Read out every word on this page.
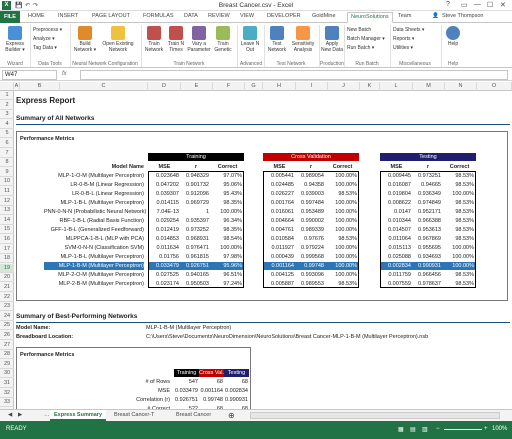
X	💾 ↶ ↷	Breast Cancer.csv - Excel	? ▭ — ☐ ✕
FILE	HOME INSERT	PAGE LAYOUT FORMULAS DATA REVIEW VIEW DEVELOPER GoldMine	NeuroSolutions	Team	👤 Steve Thompson
Express Builder ▾
Wizard
Preprocess ▾
Analyze ▾
Tag Data ▾
Data Tools
Build Network ▾
Open Existing Network
Neural Network Configuration
Train Network
Train N Times
Vary a Parameter
Train Genetic
Train Network
Leave N Out
Advanced
Test Network
Sensitivity Analysis
Test Network
Apply New Data
Production
New Batch
Batch Manager ▾
Run Batch ▾
Run Batch
Data Sheets ▾
Reports ▾
Utilities ▾
Miscellaneous
Help
Help
W47	fx
A	B	C	D	E	F	G	H	I	J	K	L	M	N	O
1
2
3
4
5
6
7
8
9
10
11
12
13
14
15
16
17
18
19
20
21
22
23
24
25
26
27
28
29
30
31
32
33
Express Report
Summary of All Networks
Performance Metrics
Training	Cross Validation	Testing
Model Name	MSE	r	Correct	MSE	r	Correct	MSE	r	Correct
MLP-1-O-M (Multilayer Perceptron)	0.023648	0.948329	97.07%	0.005441	0.989054	100.00%	0.009445	0.973251	98.53%
LR-0-B-M (Linear Regression)	0.047202	0.901732	95.06%	0.024485	0.94358	100.00%	0.016087	0.94665	98.53%
LR-0-B-L (Linear Regression)	0.039307	0.912096	95.43%	0.026227	0.939003	98.53%	0.019804	0.936349	100.00%
MLP-1-B-L (Multilayer Perceptron)	0.014115	0.969729	98.35%	0.001764	0.997484	100.00%	0.008622	0.974849	98.53%
PNN-0-N-N (Probabilistic Neural Network)	7.04E-13	1	100.00%	0.016061	0.953489	100.00%	0.0147	0.952171	98.53%
RBF-1-B-L (Radial Basis Function)	0.029254	0.935397	96.34%	0.004664	0.990002	100.00%	0.010344	0.966388	98.53%
GFF-1-B-L (Generalized Feedforward)	0.012419	0.973252	98.35%	0.004761	0.989339	100.00%	0.014507	0.953613	98.53%
MLPPCA-1-B-L (MLP with PCA)	0.014853	0.968931	98.54%	0.010584	0.97676	98.53%	0.011064	0.967869	98.53%
SVM-0-N-N (Classification SVM)	0.011634	0.976471	100.00%	0.011927	0.979224	100.00%	0.015113	0.955695	100.00%
MLP-1-B-L (Multilayer Perceptron)	0.01756	0.961815	97.98%	0.000439	0.999568	100.00%	0.025088	0.934693	100.00%
MLP-1-B-M (Multilayer Perceptron)	0.033479	0.926751	95.96%	0.001164	0.99748	100.00%	0.002834	0.990931	100.00%
MLP-2-O-M (Multilayer Perceptron)	0.027525	0.940165	96.51%	0.004125	0.993096	100.00%	0.011759	0.966456	98.53%
MLP-2-B-M (Multilayer Perceptron)	0.023174	0.950503	97.24%	0.005887	0.989553	98.53%	0.007559	0.978637	98.53%
Summary of Best-Performing Networks
Model Name:	MLP-1-B-M (Multilayer Perceptron)
Breadboard Location:	C:\Users\Steve\Documents\NeuroDimension\NeuroSolutions\Breast Cancer-MLP-1-B-M (Multilayer Perceptron).nsb
Performance Metrics
Training Cross Val. Testing
# of Rows	547	68	68
MSE 0.033479 0.001164 0.002834
Correlation (r) 0.926751 0.99748 0.990931
# Correct	522	68	68
◀	▶	… Express Summary	Breast Cancer-T	Breast Cancer	⊕
READY	▦ ▤ ▥ −	+ 100%
